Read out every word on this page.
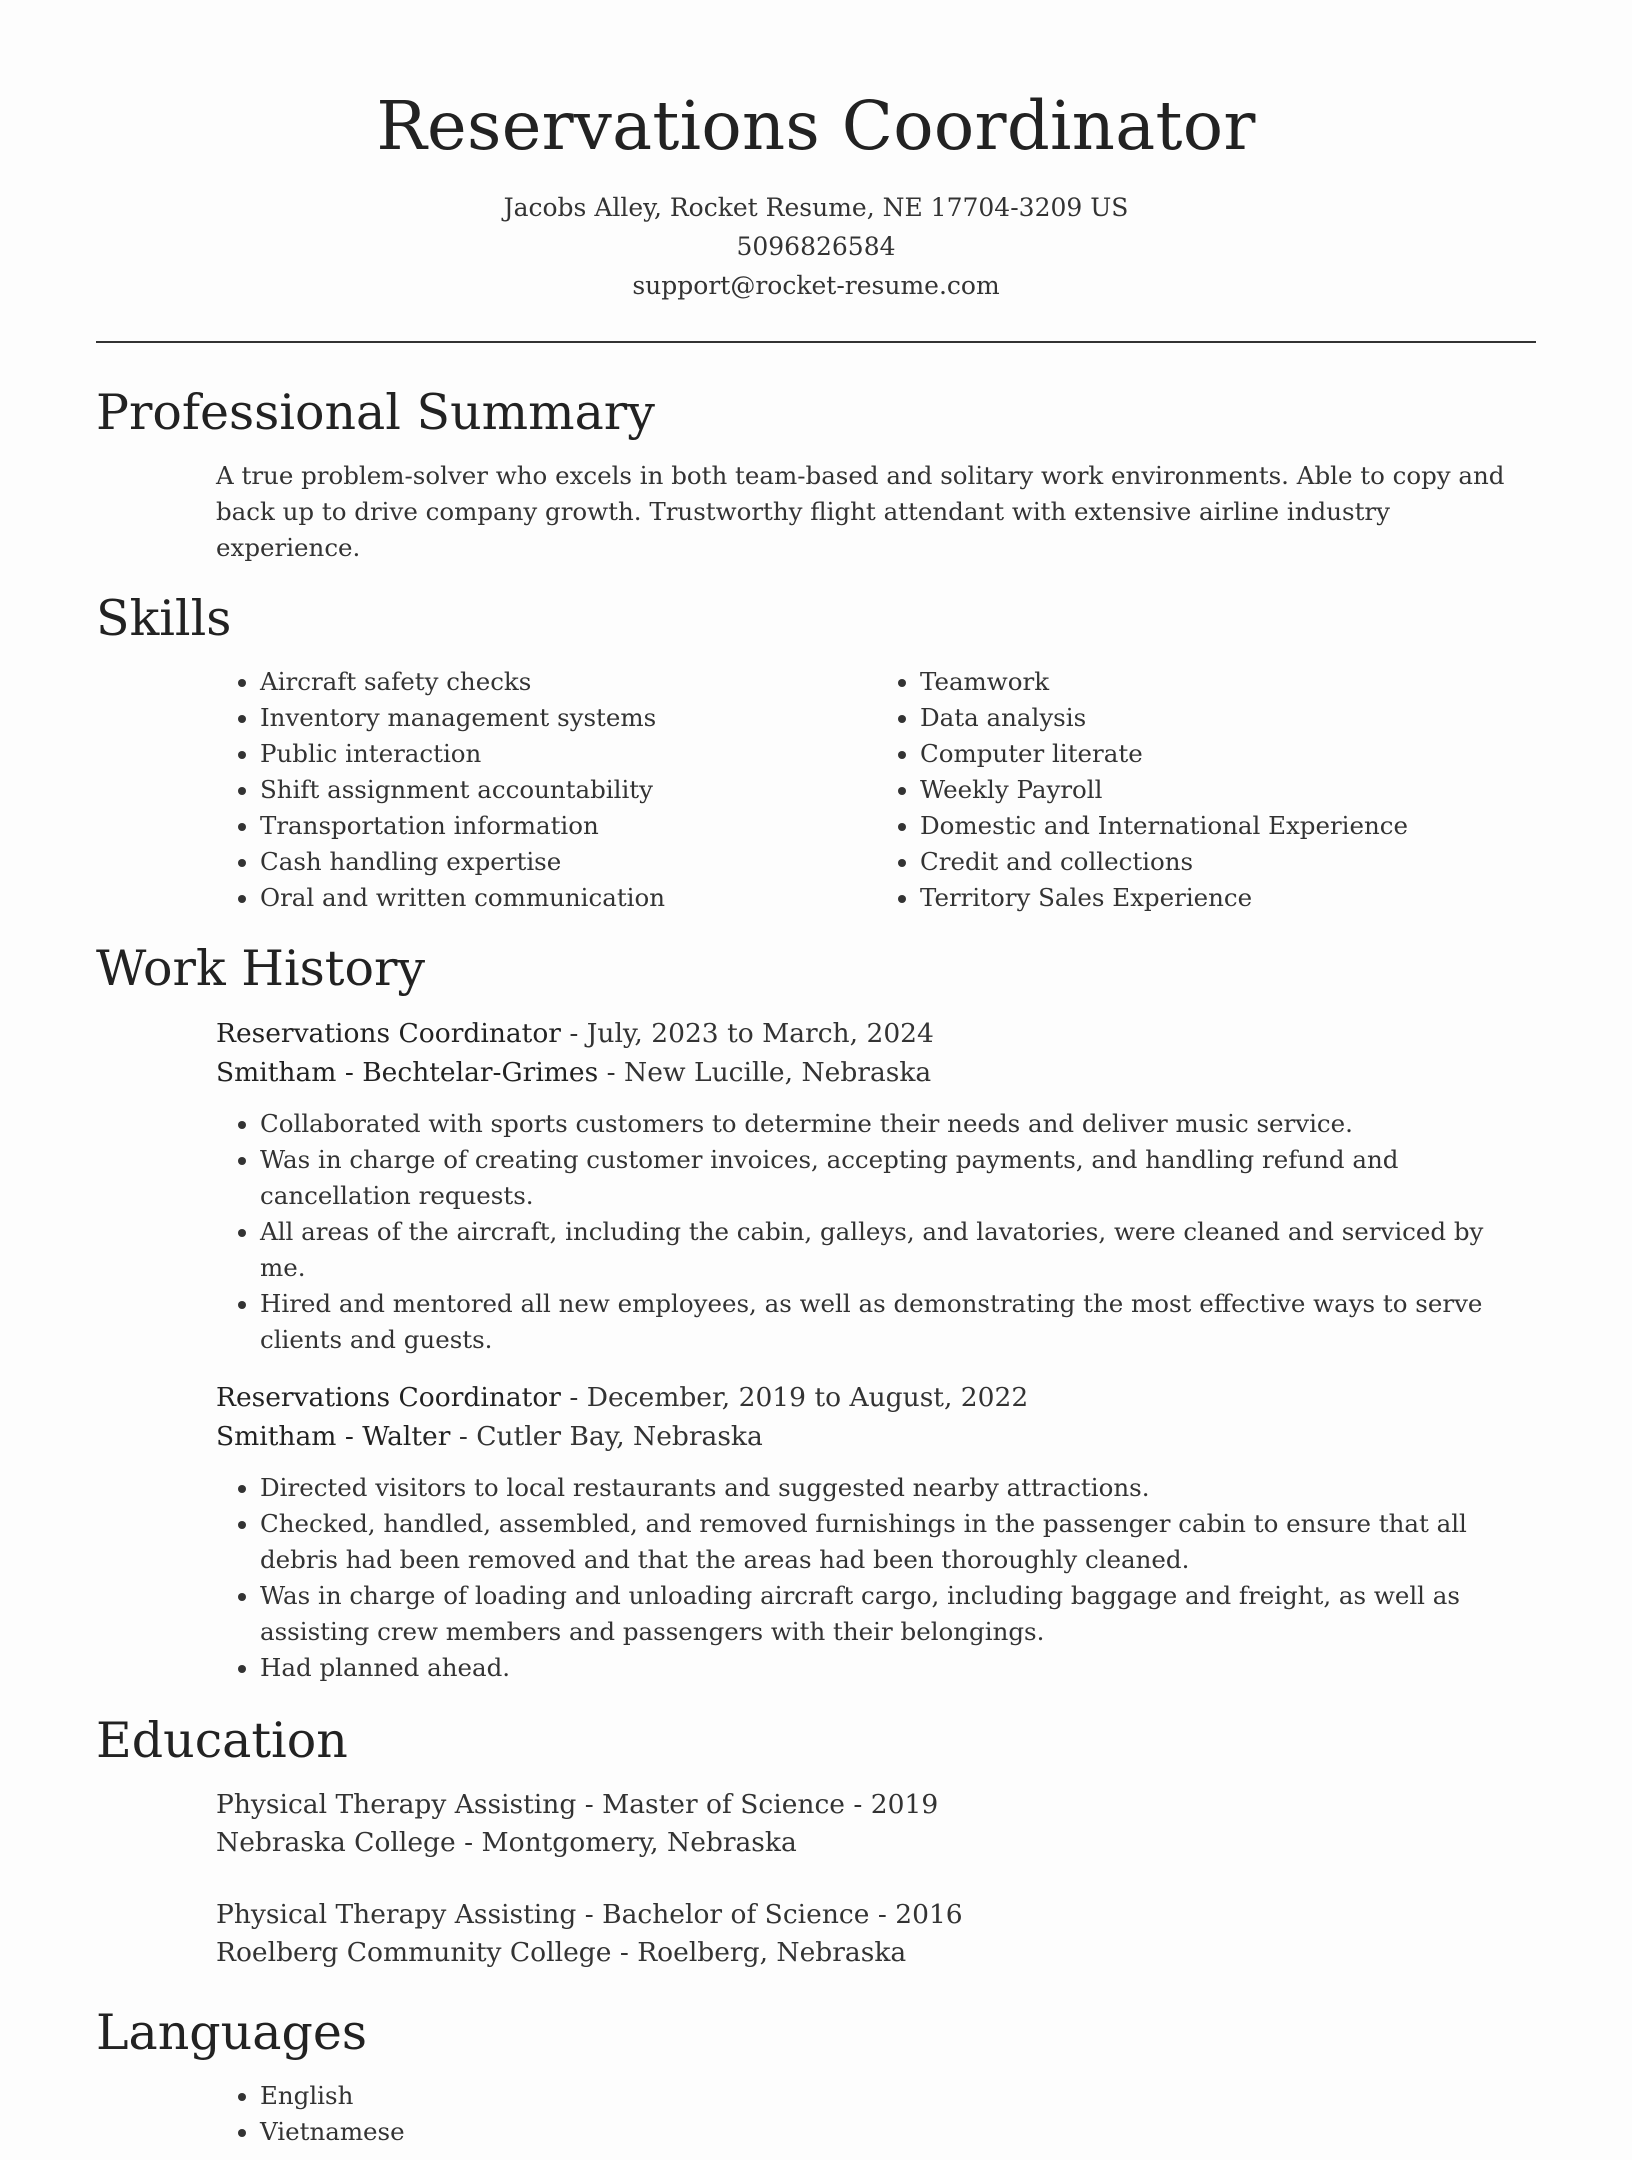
Reservations Coordinator
Jacobs Alley, Rocket Resume, NE 17704-3209 US
5096826584
support@rocket-resume.com
Professional Summary

A true problem-solver who excels in both team-based and solitary work environments. Able to copy and back up to drive company growth. Trustworthy flight attendant with extensive airline industry experience.

Skills
• Aircraft safety checks
• Inventory management systems
• Public interaction
• Shift assignment accountability
• Transportation information
• Cash handling expertise
• Oral and written communication
• Teamwork
• Data analysis
• Computer literate
• Weekly Payroll
• Domestic and International Experience
• Credit and collections
• Territory Sales Experience
Work History
Reservations Coordinator - July, 2023 to March, 2024
Smitham - Bechtelar-Grimes - New Lucille, Nebraska
• Collaborated with sports customers to determine their needs and deliver music service.
• Was in charge of creating customer invoices, accepting payments, and handling refund and cancellation requests.
• All areas of the aircraft, including the cabin, galleys, and lavatories, were cleaned and serviced by me.
• Hired and mentored all new employees, as well as demonstrating the most effective ways to serve clients and guests.
Reservations Coordinator - December, 2019 to August, 2022
Smitham - Walter - Cutler Bay, Nebraska
• Directed visitors to local restaurants and suggested nearby attractions.
• Checked, handled, assembled, and removed furnishings in the passenger cabin to ensure that all debris had been removed and that the areas had been thoroughly cleaned.
• Was in charge of loading and unloading aircraft cargo, including baggage and freight, as well as assisting crew members and passengers with their belongings.
• Had planned ahead.
Education
Physical Therapy Assisting - Master of Science - 2019
Nebraska College - Montgomery, Nebraska
Physical Therapy Assisting - Bachelor of Science - 2016
Roelberg Community College - Roelberg, Nebraska
Languages
• English
• Vietnamese
